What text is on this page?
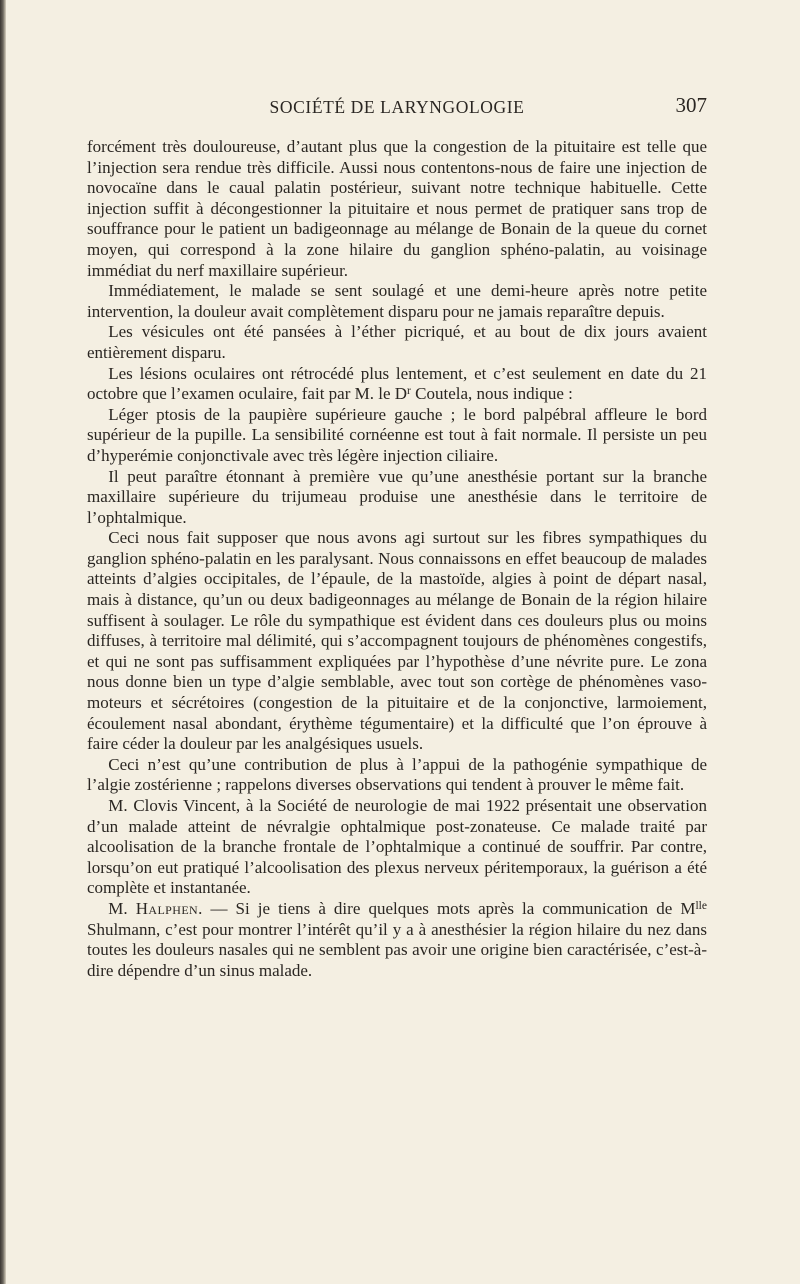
SOCIÉTÉ DE LARYNGOLOGIE	307

forcément très douloureuse, d’autant plus que la congestion de la pituitaire est telle que l’injection sera rendue très difficile. Aussi nous contentons-nous de faire une injection de novocaïne dans le caual palatin postérieur, suivant notre technique habituelle. Cette injection suffit à décongestionner la pituitaire et nous permet de pratiquer sans trop de souffrance pour le patient un badigeonnage au mélange de Bonain de la queue du cornet moyen, qui correspond à la zone hilaire du ganglion sphéno-palatin, au voisinage immédiat du nerf maxillaire supérieur.

Immédiatement, le malade se sent soulagé et une demi-heure après notre petite intervention, la douleur avait complètement disparu pour ne jamais reparaître depuis.

Les vésicules ont été pansées à l’éther picriqué, et au bout de dix jours avaient entièrement disparu.

Les lésions oculaires ont rétrocédé plus lentement, et c’est seulement en date du 21 octobre que l’examen oculaire, fait par M. le $D^r$ Coutela, nous indique :

Léger ptosis de la paupière supérieure gauche ; le bord palpébral affleure le bord supérieur de la pupille. La sensibilité cornéenne est tout à fait normale. Il persiste un peu d’hyperémie conjonctivale avec très légère injection ciliaire.

Il peut paraître étonnant à première vue qu’une anesthésie portant sur la branche maxillaire supérieure du trijumeau produise une anesthésie dans le territoire de l’ophtalmique.

Ceci nous fait supposer que nous avons agi surtout sur les fibres sympathiques du ganglion sphéno-palatin en les paralysant. Nous connaissons en effet beaucoup de malades atteints d’algies occipitales, de l’épaule, de la mastoïde, algies à point de départ nasal, mais à distance, qu’un ou deux badigeonnages au mélange de Bonain de la région hilaire suffisent à soulager. Le rôle du sympathique est évident dans ces douleurs plus ou moins diffuses, à territoire mal délimité, qui s’accompagnent toujours de phénomènes congestifs, et qui ne sont pas suffisamment expliquées par l’hypothèse d’une névrite pure. Le zona nous donne bien un type d’algie semblable, avec tout son cortège de phénomènes vaso-moteurs et sécrétoires (congestion de la pituitaire et de la conjonctive, larmoiement, écoulement nasal abondant, érythème tégumentaire) et la difficulté que l’on éprouve à faire céder la douleur par les analgésiques usuels.

Ceci n’est qu’une contribution de plus à l’appui de la pathogénie sympathique de l’algie zostérienne ; rappelons diverses observations qui tendent à prouver le même fait.

M. Clovis Vincent, à la Société de neurologie de mai 1922 présentait une observation d’un malade atteint de névralgie ophtalmique post-zonateuse. Ce malade traité par alcoolisation de la branche frontale de l’ophtalmique a continué de souffrir. Par contre, lorsqu’on eut pratiqué l’alcoolisation des plexus nerveux péritemporaux, la guérison a été complète et instantanée.

M. Halphen. — Si je tiens à dire quelques mots après la communication de $M^{lle}$ Shulmann, c’est pour montrer l’intérêt qu’il y a à anesthésier la région hilaire du nez dans toutes les douleurs nasales qui ne semblent pas avoir une origine bien caractérisée, c’est-à-dire dépendre d’un sinus malade.
